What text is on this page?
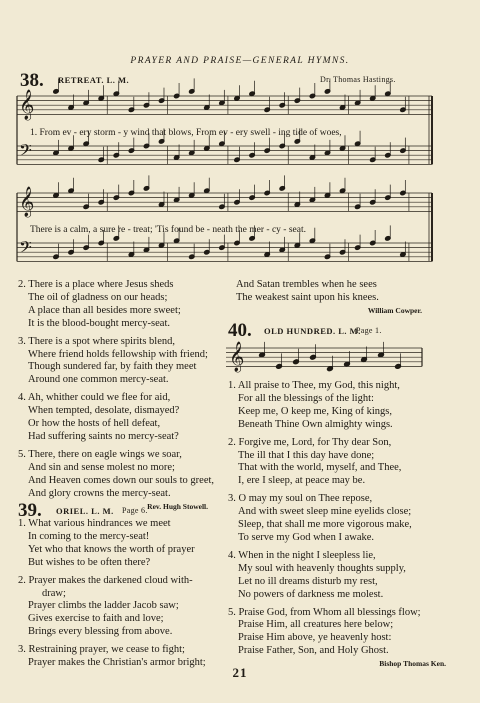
PRAYER AND PRAISE—GENERAL HYMNS.
38. RETREAT. L. M.	Dr. Thomas Hastings.
𝄞
𝄢
𝄞
𝄢
1. From ev - ery storm - y wind that blows, From ev - ery swell - ing tide of woes,
There is a calm, a sure re - treat; 'Tis found be - neath the mer - cy - seat.
2. There is a place where Jesus sheds
The oil of gladness on our heads;
A place than all besides more sweet;
It is the blood-bought mercy-seat.
3. There is a spot where spirits blend,
Where friend holds fellowship with friend;
Though sundered far, by faith they meet
Around one common mercy-seat.
4. Ah, whither could we flee for aid,
When tempted, desolate, dismayed?
Or how the hosts of hell defeat,
Had suffering saints no mercy-seat?
5. There, there on eagle wings we soar,
And sin and sense molest no more;
And Heaven comes down our souls to greet,
And glory crowns the mercy-seat.
Rev. Hugh Stowell.
And Satan trembles when he sees
The weakest saint upon his knees.
William Cowper.
39. ORIEL. L. M. Page 6.
1. What various hindrances we meet
In coming to the mercy-seat!
Yet who that knows the worth of prayer
But wishes to be often there?
2. Prayer makes the darkened cloud with-
draw;
Prayer climbs the ladder Jacob saw;
Gives exercise to faith and love;
Brings every blessing from above.
3. Restraining prayer, we cease to fight;
Prayer makes the Christian's armor bright;
40. OLD HUNDRED. L. M.
Page 1.
𝄞
1. All praise to Thee, my God, this night,
For all the blessings of the light:
Keep me, O keep me, King of kings,
Beneath Thine Own almighty wings.
2. Forgive me, Lord, for Thy dear Son,
The ill that I this day have done;
That with the world, myself, and Thee,
I, ere I sleep, at peace may be.
3. O may my soul on Thee repose,
And with sweet sleep mine eyelids close;
Sleep, that shall me more vigorous make,
To serve my God when I awake.
4. When in the night I sleepless lie,
My soul with heavenly thoughts supply,
Let no ill dreams disturb my rest,
No powers of darkness me molest.
5. Praise God, from Whom all blessings flow;
Praise Him, all creatures here below;
Praise Him above, ye heavenly host:
Praise Father, Son, and Holy Ghost.
Bishop Thomas Ken.
21
